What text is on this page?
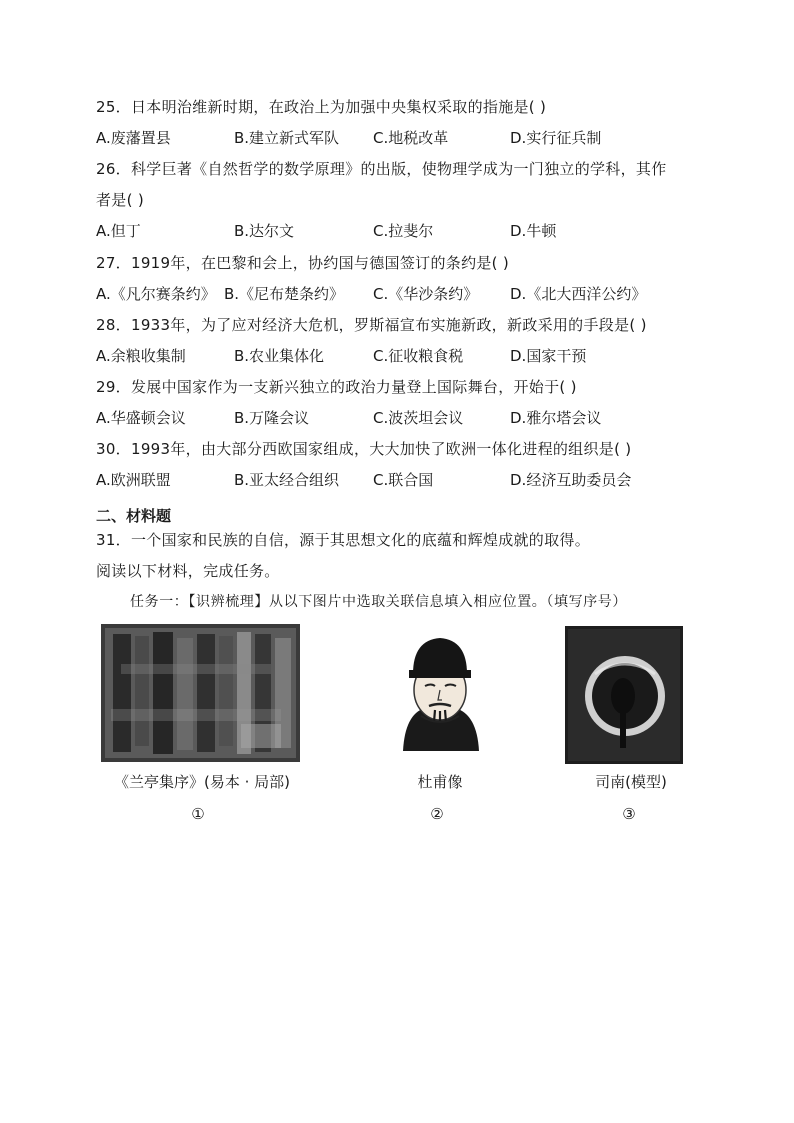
25．日本明治维新时期，在政治上为加强中央集权采取的指施是( )
A.废藩置县	B.建立新式军队 C.地税改革	D.实行征兵制
26．科学巨著《自然哲学的数学原理》的出版，使物理学成为一门独立的学科，其作
者是( )
A.但丁	B.达尔文	C.拉斐尔	D.牛顿
27．1919年，在巴黎和会上，协约国与德国签订的条约是( )
A.《凡尔赛条约》 B.《尼布楚条约》 C.《华沙条约》 D.《北大西洋公约》
28．1933年，为了应对经济大危机，罗斯福宣布实施新政，新政采用的手段是( )
A.余粮收集制	B.农业集体化	C.征收粮食税	D.国家干预
29．发展中国家作为一支新兴独立的政治力量登上国际舞台，开始于( )
A.华盛顿会议	B.万隆会议	C.波茨坦会议	D.雅尔塔会议
30．1993年，由大部分西欧国家组成，大大加快了欧洲一体化进程的组织是( )
A.欧洲联盟	B.亚太经合组织 C.联合国	D.经济互助委员会
二、材料题
31．一个国家和民族的自信，源于其思想文化的底蕴和辉煌成就的取得。
阅读以下材料，完成任务。
任务一：【识辨梳理】从以下图片中选取关联信息填入相应位置。（填写序号）
《兰亭集序》(易本 · 局部)
①
杜甫像
②
司南(模型)
③
